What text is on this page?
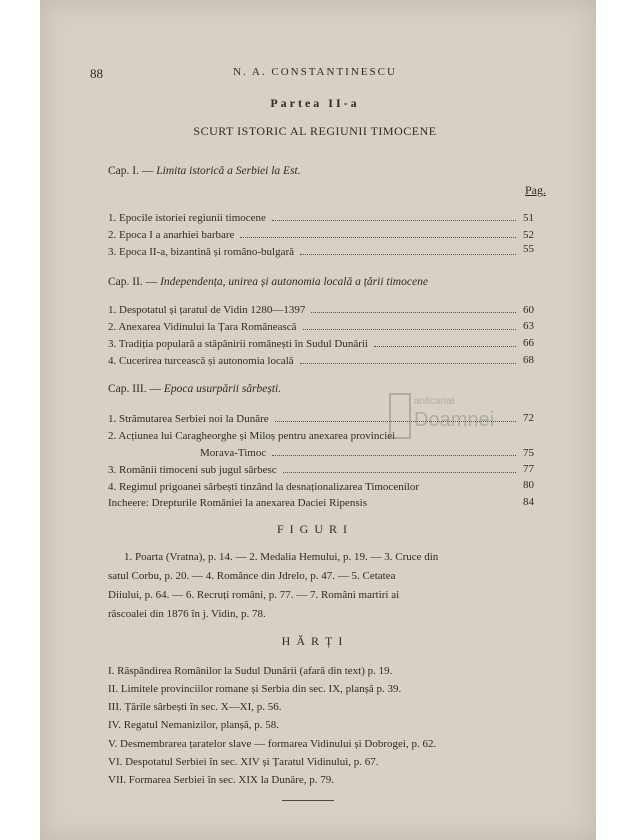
88	N. A. CONSTANTINESCU
Partea II-a
SCURT ISTORIC AL REGIUNII TIMOCENE
Cap. I. — Limita istorică a Serbiei la Est.
Pag.
1. Epocile istoriei regiunii timocene	51
2. Epoca I a anarhiei barbare	52
3. Epoca II-a, bizantină și româno-bulgară	55
Cap. II. — Independența, unirea și autonomia locală a țării timocene
1. Despotatul și țaratul de Vidin 1280—1397	60
2. Anexarea Vidinului la Țara Românească	63
3. Tradiția populară a stăpânirii românești în Sudul Dunării	66
4. Cucerirea turcească și autonomia locală	68
Cap. III. — Epoca usurpării sârbești.
1. Strămutarea Serbiei noi la Dunăre	72
2. Acțiunea lui Caragheorghe și Miloș pentru anexarea provinciei
Morava-Timoc	75
3. Românii timoceni sub jugul sârbesc	77
4. Regimul prigoanei sârbești tinzând la desnaționalizarea Timocenilor	80
Incheere: Drepturile României la anexarea Daciei Ripensis	84
FIGURI
1. Poarta (Vratna), p. 14. — 2. Medalia Hemului, p. 19. — 3. Cruce din
satul Corbu, p. 20. — 4. Românce din Jdrelo, p. 47. — 5. Cetatea
Diiului, p. 64. — 6. Recruți români, p. 77. — 7. Români martiri ai
răscoalei din 1876 în j. Vidin, p. 78.
HĂRȚI
I. Răspândirea Românilor la Sudul Dunării (afară din text) p. 19.
II. Limitele provinciilor romane și Serbia din sec. IX, planșă p. 39.
III. Țările sârbești în sec. X—XI, p. 56.
IV. Regatul Nemanizilor, planșă, p. 58.
V. Desmembrarea țaratelor slave — formarea Vidinului și Dobrogei, p. 62.
VI. Despotatul Serbiei în sec. XIV și Țaratul Vidinului, p. 67.
VII. Formarea Serbiei în sec. XIX la Dunăre, p. 79.
anticariat
Doamnei
